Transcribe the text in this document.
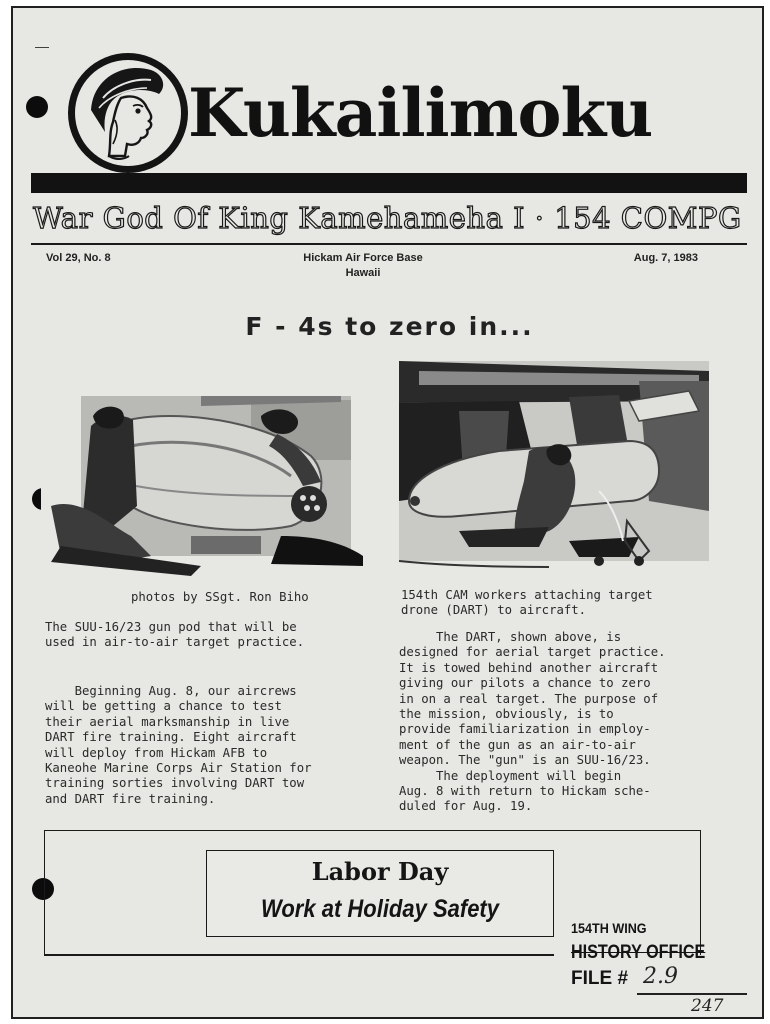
—
Kukailimoku
War God Of King Kamehameha I · 154 COMPG
Vol 29, No. 8	Hickam Air Force Base
Hawaii
Aug. 7, 1983
F - 4s to zero in...
photos by SSgt. Ron Biho
The SUU-16/23 gun pod that will be
used in air-to-air target practice.
154th CAM workers attaching target
drone (DART) to aircraft.
Beginning Aug. 8, our aircrews
will be getting a chance to test
their aerial marksmanship in live
DART fire training. Eight aircraft
will deploy from Hickam AFB to
Kaneohe Marine Corps Air Station for
training sorties involving DART tow
and DART fire training.
The DART, shown above, is
designed for aerial target practice.
It is towed behind another aircraft
giving our pilots a chance to zero
in on a real target. The purpose of
the mission, obviously, is to
provide familiarization in employ-
ment of the gun as an air-to-air
weapon. The "gun" is an SUU-16/23.
The deployment will begin
Aug. 8 with return to Hickam sche-
duled for Aug. 19.
Labor Day
Work at Holiday Safety
154TH WING
HISTORY OFFICE
FILE # 2.9
247
